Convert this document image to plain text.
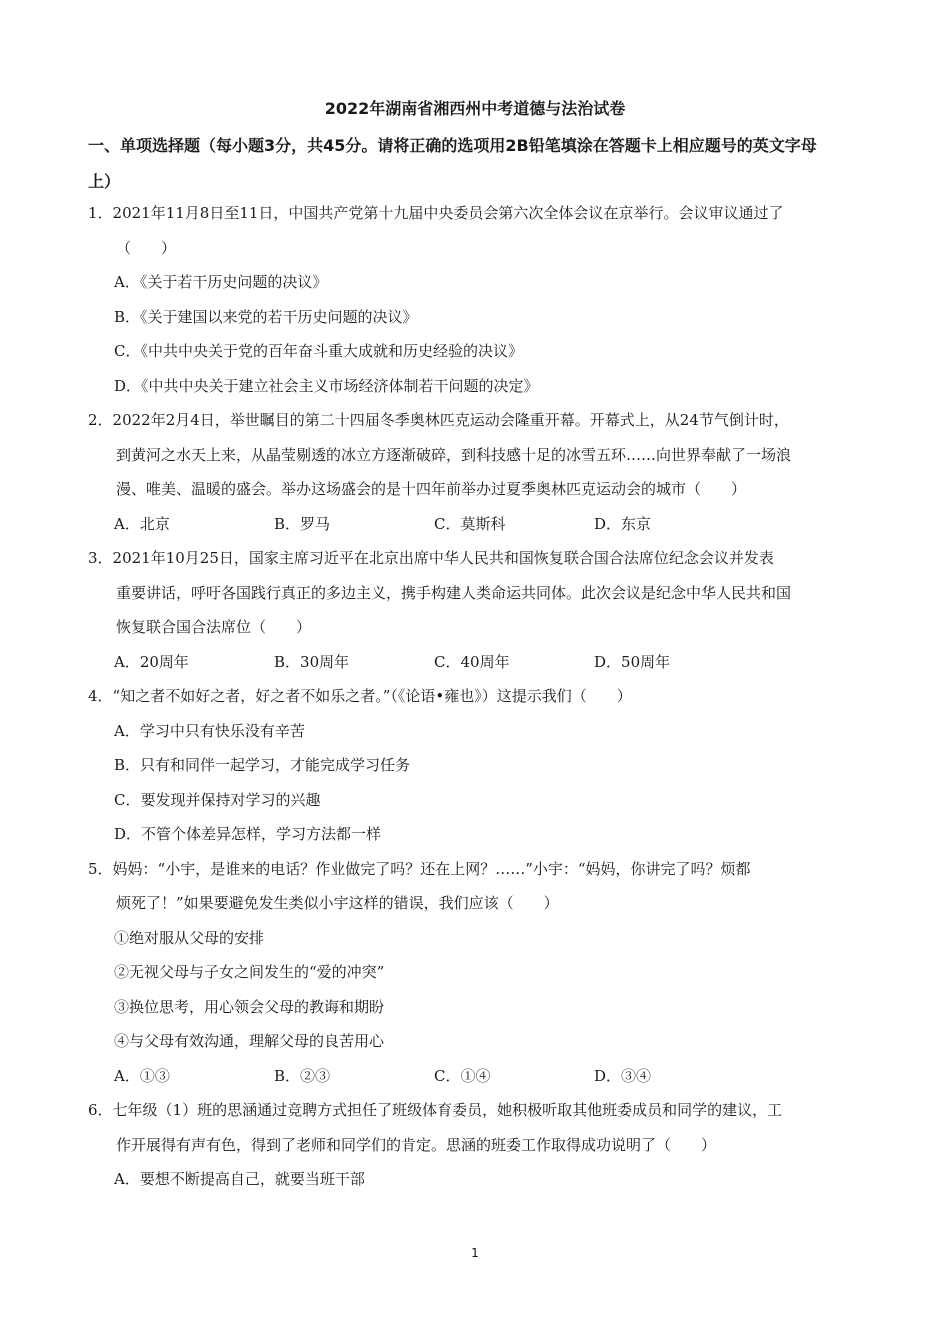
2022年湖南省湘西州中考道德与法治试卷
一、单项选择题（每小题3分，共45分。请将正确的选项用2B铅笔填涂在答题卡上相应题号的英文字母
上）
1．2021年11月8日至11日，中国共产党第十九届中央委员会第六次全体会议在京举行。会议审议通过了
（　　）
A．《关于若干历史问题的决议》
B．《关于建国以来党的若干历史问题的决议》
C．《中共中央关于党的百年奋斗重大成就和历史经验的决议》
D．《中共中央关于建立社会主义市场经济体制若干问题的决定》
2．2022年2月4日，举世瞩目的第二十四届冬季奥林匹克运动会隆重开幕。开幕式上，从24节气倒计时，
到黄河之水天上来，从晶莹剔透的冰立方逐渐破碎，到科技感十足的冰雪五环……向世界奉献了一场浪
漫、唯美、温暖的盛会。举办这场盛会的是十四年前举办过夏季奥林匹克运动会的城市（　　）
A．北京	B．罗马	C．莫斯科	D．东京
3．2021年10月25日，国家主席习近平在北京出席中华人民共和国恢复联合国合法席位纪念会议并发表
重要讲话，呼吁各国践行真正的多边主义，携手构建人类命运共同体。此次会议是纪念中华人民共和国
恢复联合国合法席位（　　）
A．20周年	B．30周年	C．40周年	D．50周年
4．“知之者不如好之者，好之者不如乐之者。”（《论语•雍也》）这提示我们（　　）
A．学习中只有快乐没有辛苦
B．只有和同伴一起学习，才能完成学习任务
C．要发现并保持对学习的兴趣
D．不管个体差异怎样，学习方法都一样
5．妈妈：“小宇，是谁来的电话？作业做完了吗？还在上网？……”小宇：“妈妈，你讲完了吗？烦都
烦死了！”如果要避免发生类似小宇这样的错误，我们应该（　　）
①绝对服从父母的安排
②无视父母与子女之间发生的“爱的冲突”
③换位思考，用心领会父母的教诲和期盼
④与父母有效沟通，理解父母的良苦用心
A．①③	B．②③	C．①④	D．③④
6．七年级（1）班的思涵通过竞聘方式担任了班级体育委员，她积极听取其他班委成员和同学的建议，工
作开展得有声有色，得到了老师和同学们的肯定。思涵的班委工作取得成功说明了（　　）
A．要想不断提高自己，就要当班干部
1
